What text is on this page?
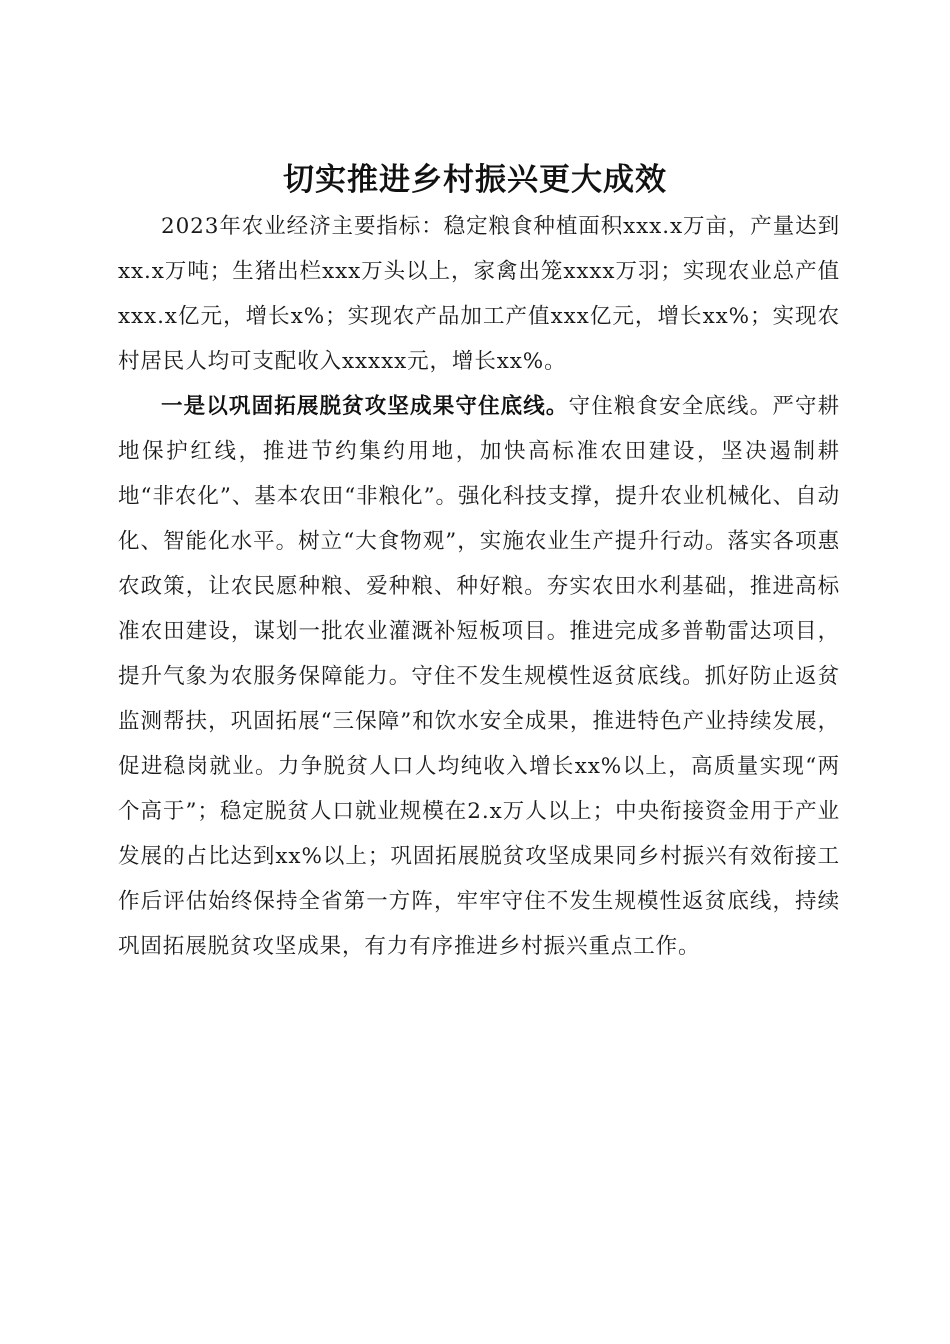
切实推进乡村振兴更大成效

2023年农业经济主要指标：稳定粮食种植面积xxx.x万亩，产量达到xx.x万吨；生猪出栏xxx万头以上，家禽出笼xxxx万羽；实现农业总产值xxx.x亿元，增长x%；实现农产品加工产值xxx亿元，增长xx%；实现农村居民人均可支配收入xxxxx元，增长xx%。

一是以巩固拓展脱贫攻坚成果守住底线。守住粮食安全底线。严守耕地保护红线，推进节约集约用地，加快高标准农田建设，坚决遏制耕地“非农化”、基本农田“非粮化”。强化科技支撑，提升农业机械化、自动化、智能化水平。树立“大食物观”，实施农业生产提升行动。落实各项惠农政策，让农民愿种粮、爱种粮、种好粮。夯实农田水利基础，推进高标准农田建设，谋划一批农业灌溉补短板项目。推进完成多普勒雷达项目，提升气象为农服务保障能力。守住不发生规模性返贫底线。抓好防止返贫监测帮扶，巩固拓展“三保障”和饮水安全成果，推进特色产业持续发展，促进稳岗就业。力争脱贫人口人均纯收入增长xx%以上，高质量实现“两个高于”；稳定脱贫人口就业规模在2.x万人以上；中央衔接资金用于产业发展的占比达到xx%以上；巩固拓展脱贫攻坚成果同乡村振兴有效衔接工作后评估始终保持全省第一方阵，牢牢守住不发生规模性返贫底线，持续巩固拓展脱贫攻坚成果，有力有序推进乡村振兴重点工作。
